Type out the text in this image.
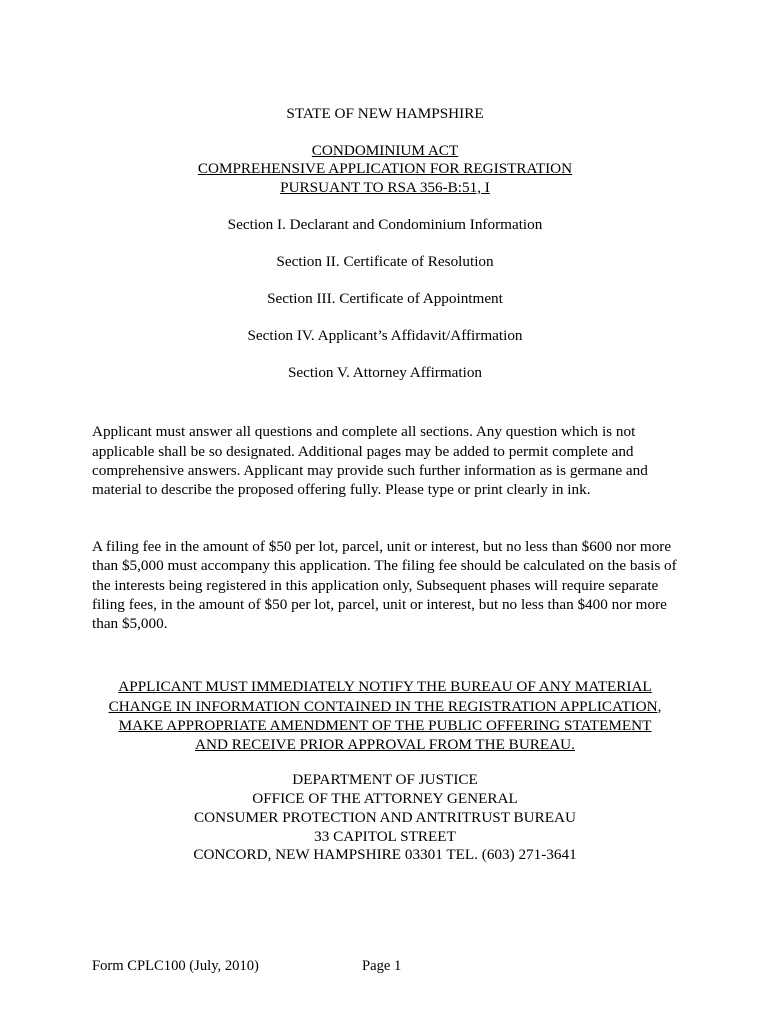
STATE OF NEW HAMPSHIRE
CONDOMINIUM ACT
COMPREHENSIVE APPLICATION FOR REGISTRATION
PURSUANT TO RSA 356-B:51, I
Section I. Declarant and Condominium Information
Section II. Certificate of Resolution
Section III. Certificate of Appointment
Section IV. Applicant’s Affidavit/Affirmation
Section V. Attorney Affirmation

Applicant must answer all questions and complete all sections. Any question which is not applicable shall be so designated. Additional pages may be added to permit complete and comprehensive answers. Applicant may provide such further information as is germane and material to describe the proposed offering fully. Please type or print clearly in ink.

A filing fee in the amount of $50 per lot, parcel, unit or interest, but no less than $600 nor more than $5,000 must accompany this application. The filing fee should be calculated on the basis of the interests being registered in this application only, Subsequent phases will require separate filing fees, in the amount of $50 per lot, parcel, unit or interest, but no less than $400 nor more than $5,000.

APPLICANT MUST IMMEDIATELY NOTIFY THE BUREAU OF ANY MATERIAL
CHANGE IN INFORMATION CONTAINED IN THE REGISTRATION APPLICATION,
MAKE APPROPRIATE AMENDMENT OF THE PUBLIC OFFERING STATEMENT
AND RECEIVE PRIOR APPROVAL FROM THE BUREAU.
DEPARTMENT OF JUSTICE
OFFICE OF THE ATTORNEY GENERAL
CONSUMER PROTECTION AND ANTRITRUST BUREAU
33 CAPITOL STREET
CONCORD, NEW HAMPSHIRE 03301 TEL. (603) 271-3641
Form CPLC100 (July, 2010)	Page 1
